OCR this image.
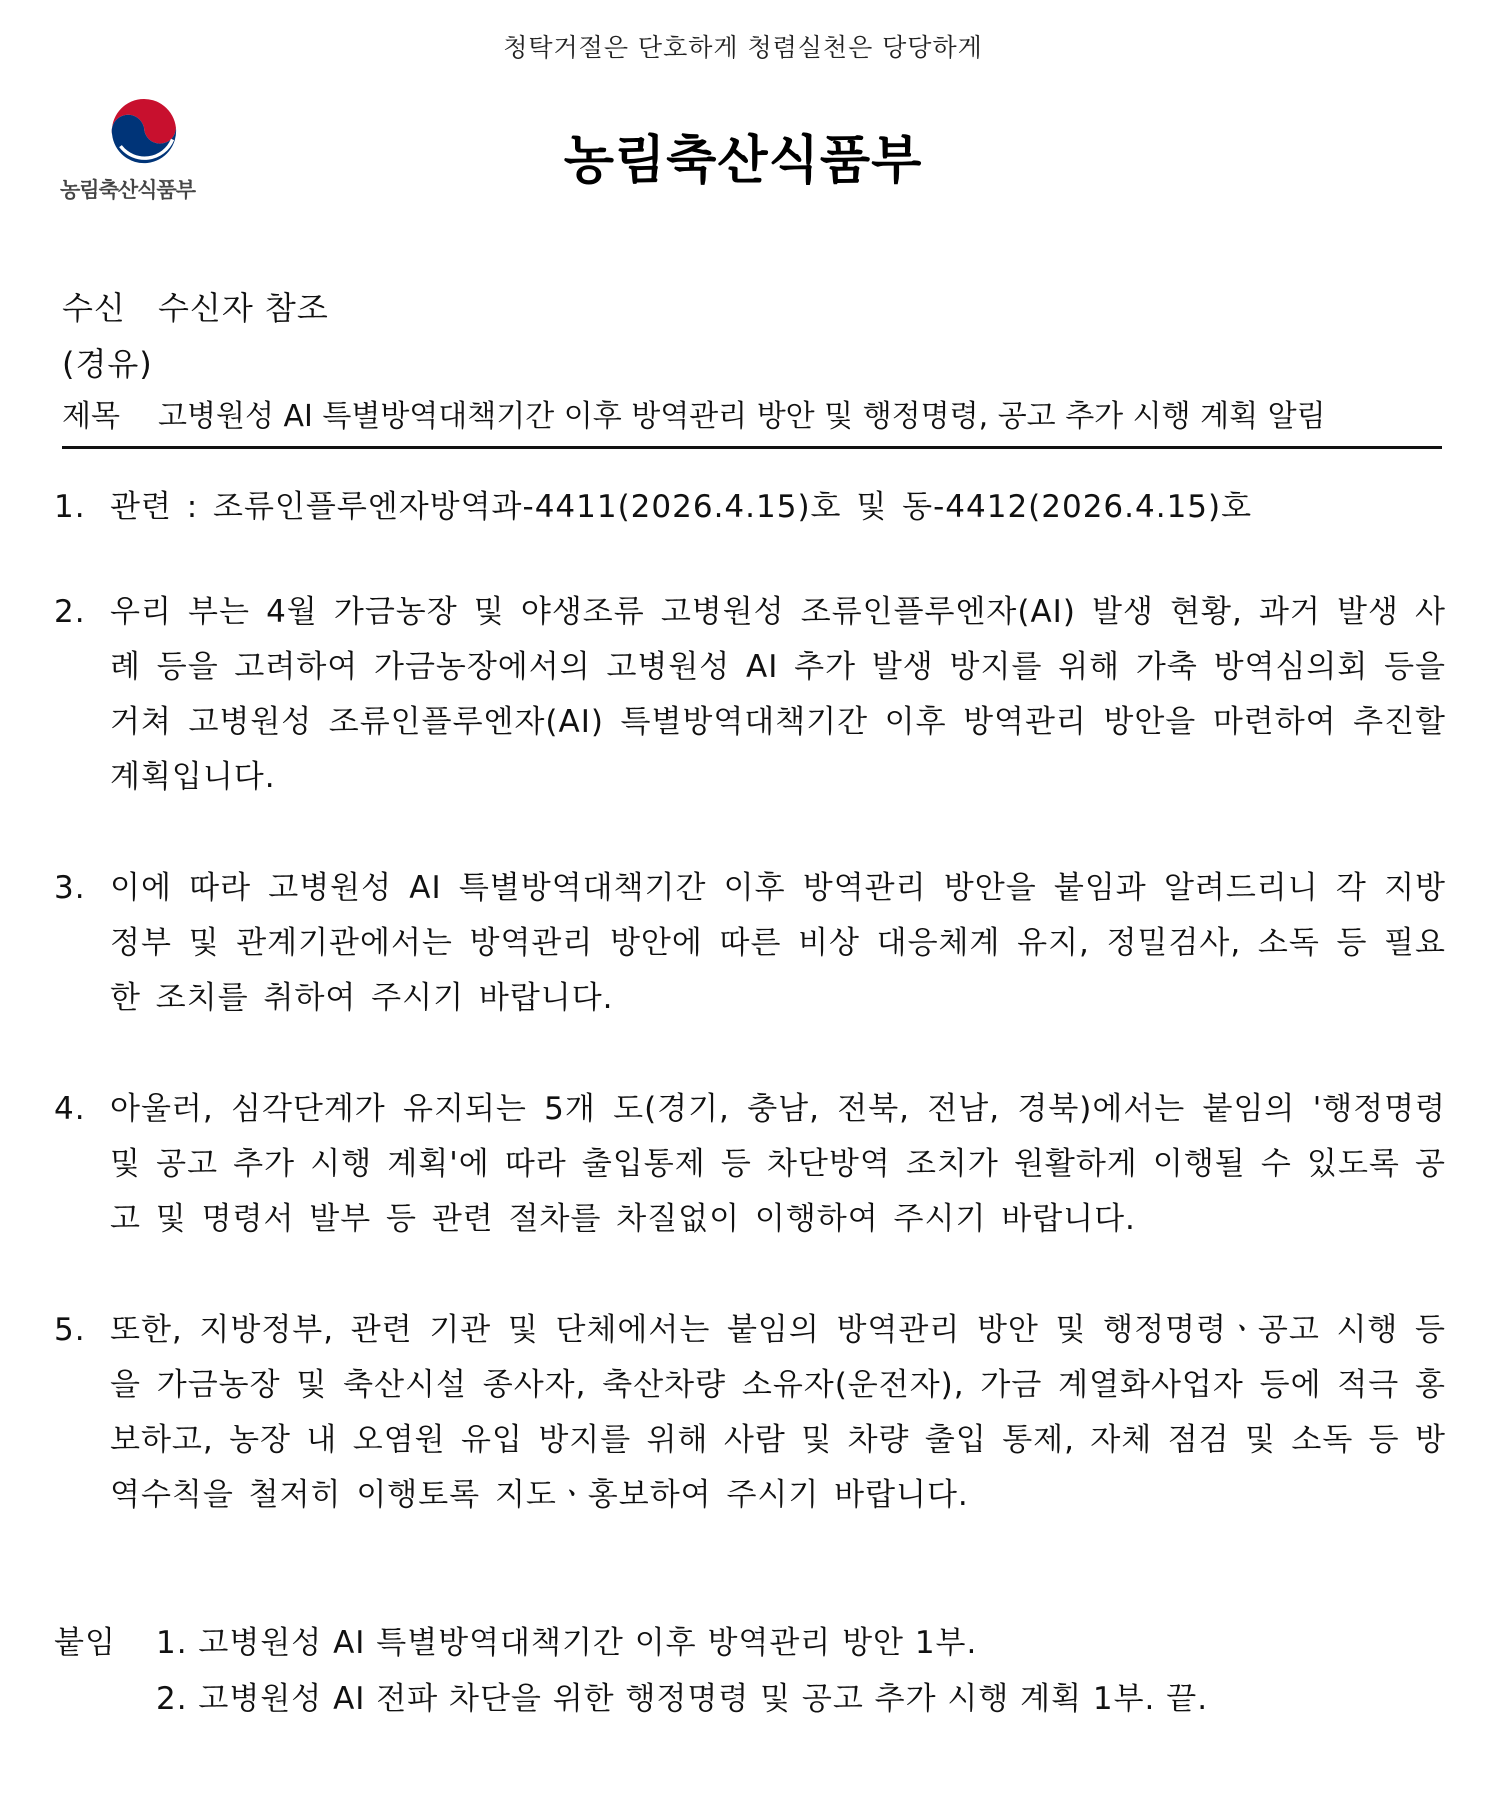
청탁거절은 단호하게 청렴실천은 당당하게
농림축산식품부	농림축산식품부
수신 수신자 참조
(경유)
제목 고병원성 AI 특별방역대책기간 이후 방역관리 방안 및 행정명령, 공고 추가 시행 계획 알림
1. 관련 : 조류인플루엔자방역과-4411(2026.4.15)호 및 동-4412(2026.4.15)호
2. 우리 부는 4월 가금농장 및 야생조류 고병원성 조류인플루엔자(AI) 발생 현황, 과거 발생 사례 등을 고려하여 가금농장에서의 고병원성 AI 추가 발생 방지를 위해 가축 방역심의회 등을 거쳐 고병원성 조류인플루엔자(AI) 특별방역대책기간 이후 방역관리 방안을 마련하여 추진할 계획입니다.
3. 이에 따라 고병원성 AI 특별방역대책기간 이후 방역관리 방안을 붙임과 알려드리니 각 지방정부 및 관계기관에서는 방역관리 방안에 따른 비상 대응체계 유지, 정밀검사, 소독 등 필요한 조치를 취하여 주시기 바랍니다.
4. 아울러, 심각단계가 유지되는 5개 도(경기, 충남, 전북, 전남, 경북)에서는 붙임의 '행정명령 및 공고 추가 시행 계획'에 따라 출입통제 등 차단방역 조치가 원활하게 이행될 수 있도록 공고 및 명령서 발부 등 관련 절차를 차질없이 이행하여 주시기 바랍니다.
5. 또한, 지방정부, 관련 기관 및 단체에서는 붙임의 방역관리 방안 및 행정명령ㆍ공고 시행 등을 가금농장 및 축산시설 종사자, 축산차량 소유자(운전자), 가금 계열화사업자 등에 적극 홍보하고, 농장 내 오염원 유입 방지를 위해 사람 및 차량 출입 통제, 자체 점검 및 소독 등 방역수칙을 철저히 이행토록 지도ㆍ홍보하여 주시기 바랍니다.
붙임 1. 고병원성 AI 특별방역대책기간 이후 방역관리 방안 1부.
2. 고병원성 AI 전파 차단을 위한 행정명령 및 공고 추가 시행 계획 1부. 끝.
